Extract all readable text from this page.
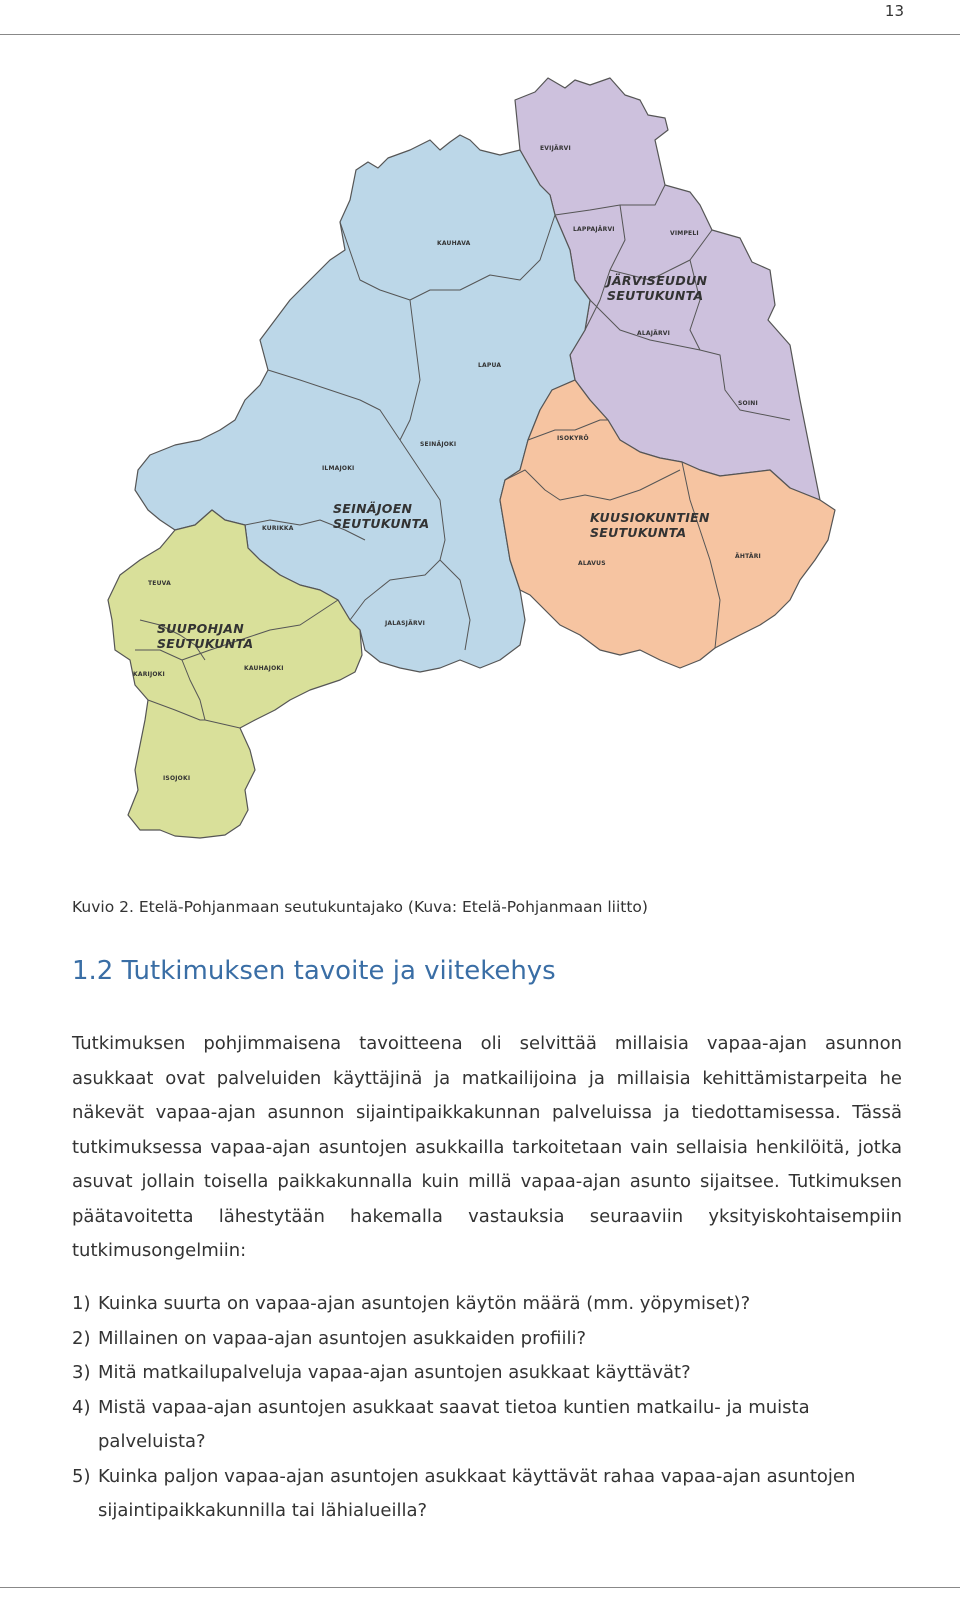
13
EVIJÄRVI
LAPPAJÄRVI
VIMPELI
ALAJÄRVI
SOINI
KAUHAVA
LAPUA
SEINÄJOKI
ILMAJOKI
KURIKKA
JALASJÄRVI
ISOKYRÖ
ALAVUS
ÄHTÄRI
TEUVA
KARIJOKI
KAUHAJOKI
ISOJOKI
JÄRVISEUDUN SEUTUKUNTA
SEINÄJOEN SEUTUKUNTA	KUUSIOKUNTIEN SEUTUKUNTA
SUUPOHJAN SEUTUKUNTA
Kuvio 2. Etelä-Pohjanmaan seutukuntajako (Kuva: Etelä-Pohjanmaan liitto)
1.2 Tutkimuksen tavoite ja viitekehys

Tutkimuksen pohjimmaisena tavoitteena oli selvittää millaisia vapaa-ajan asunnon asukkaat ovat palveluiden käyttäjinä ja matkailijoina ja millaisia kehittämistarpeita he näkevät vapaa-ajan asunnon sijaintipaikkakunnan palveluissa ja tiedottamisessa. Tässä tutkimuksessa vapaa-ajan asuntojen asukkailla tarkoitetaan vain sellaisia henkilöitä, jotka asuvat jollain toisella paikkakunnalla kuin millä vapaa-ajan asunto sijaitsee. Tutkimuksen päätavoitetta lähestytään hakemalla vastauksia seuraaviin yksityiskohtaisempiin tutkimusongelmiin:

1) Kuinka suurta on vapaa-ajan asuntojen käytön määrä (mm. yöpymiset)?
2) Millainen on vapaa-ajan asuntojen asukkaiden profiili?
3) Mitä matkailupalveluja vapaa-ajan asuntojen asukkaat käyttävät?
4) Mistä vapaa-ajan asuntojen asukkaat saavat tietoa kuntien matkailu- ja muista palveluista?
5) Kuinka paljon vapaa-ajan asuntojen asukkaat käyttävät rahaa vapaa-ajan asuntojen sijaintipaikkakunnilla tai lähialueilla?
